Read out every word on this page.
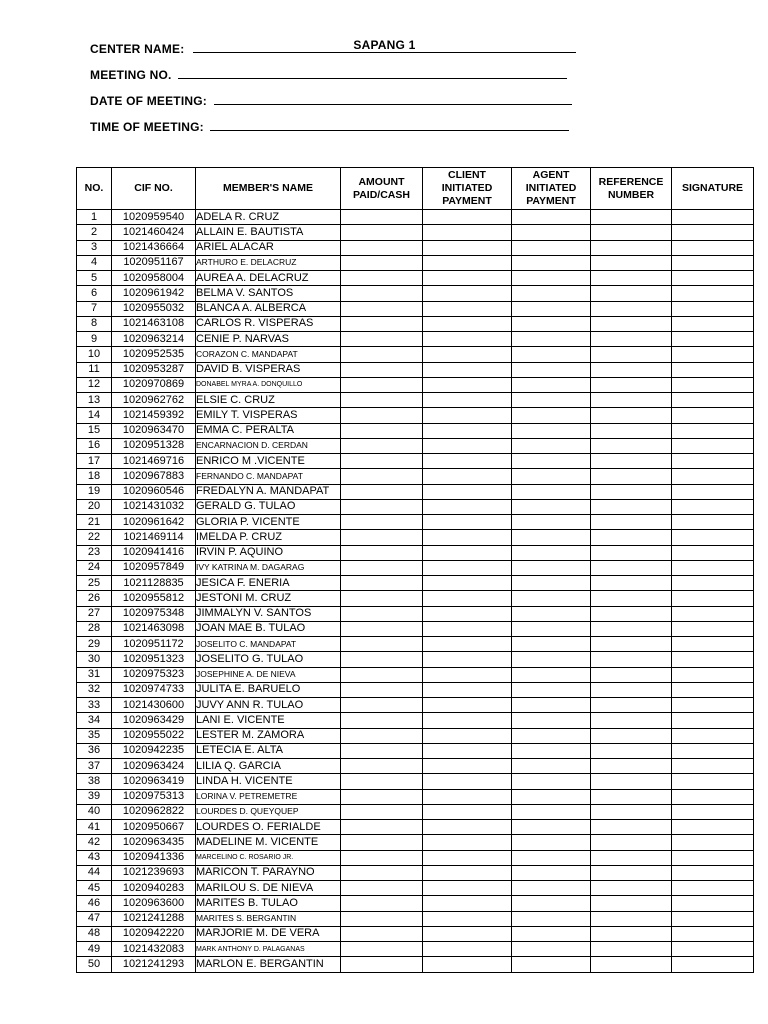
CENTER NAME:	SAPANG 1
MEETING NO.
DATE OF MEETING:
TIME OF MEETING:
NO.	CIF NO.	MEMBER'S NAME	AMOUNT PAID/CASH	CLIENT INITIATED PAYMENT	AGENT INITIATED PAYMENT	REFERENCE NUMBER	SIGNATURE
1	1020959540	ADELA R. CRUZ					
2	1021460424	ALLAIN E. BAUTISTA					
3	1021436664	ARIEL ALACAR					
4	1020951167	ARTHURO E. DELACRUZ					
5	1020958004	AUREA A. DELACRUZ					
6	1020961942	BELMA V. SANTOS					
7	1020955032	BLANCA A. ALBERCA					
8	1021463108	CARLOS R. VISPERAS					
9	1020963214	CENIE P. NARVAS					
10	1020952535	CORAZON C. MANDAPAT					
11	1020953287	DAVID B. VISPERAS					
12	1020970869	DONABEL MYRA A. DONQUILLO					
13	1020962762	ELSIE C. CRUZ					
14	1021459392	EMILY T. VISPERAS					
15	1020963470	EMMA C. PERALTA					
16	1020951328	ENCARNACION D. CERDAN					
17	1021469716	ENRICO M .VICENTE					
18	1020967883	FERNANDO C. MANDAPAT					
19	1020960546	FREDALYN A. MANDAPAT					
20	1021431032	GERALD G. TULAO					
21	1020961642	GLORIA P. VICENTE					
22	1021469114	IMELDA P. CRUZ					
23	1020941416	IRVIN P. AQUINO					
24	1020957849	IVY KATRINA M. DAGARAG					
25	1021128835	JESICA F. ENERIA					
26	1020955812	JESTONI M. CRUZ					
27	1020975348	JIMMALYN V. SANTOS					
28	1021463098	JOAN MAE B. TULAO					
29	1020951172	JOSELITO C. MANDAPAT					
30	1020951323	JOSELITO G. TULAO					
31	1020975323	JOSEPHINE A. DE NIEVA					
32	1020974733	JULITA E. BARUELO					
33	1021430600	JUVY ANN R. TULAO					
34	1020963429	LANI E. VICENTE					
35	1020955022	LESTER M. ZAMORA					
36	1020942235	LETECIA E. ALTA					
37	1020963424	LILIA Q. GARCIA					
38	1020963419	LINDA H. VICENTE					
39	1020975313	LORINA V. PETREMETRE					
40	1020962822	LOURDES D. QUEYQUEP					
41	1020950667	LOURDES O. FERIALDE					
42	1020963435	MADELINE M. VICENTE					
43	1020941336	MARCELINO C. ROSARIO JR.					
44	1021239693	MARICON T. PARAYNO					
45	1020940283	MARILOU S. DE NIEVA					
46	1020963600	MARITES B. TULAO					
47	1021241288	MARITES S. BERGANTIN					
48	1020942220	MARJORIE M. DE VERA					
49	1021432083	MARK ANTHONY D. PALAGANAS					
50	1021241293	MARLON E. BERGANTIN					
